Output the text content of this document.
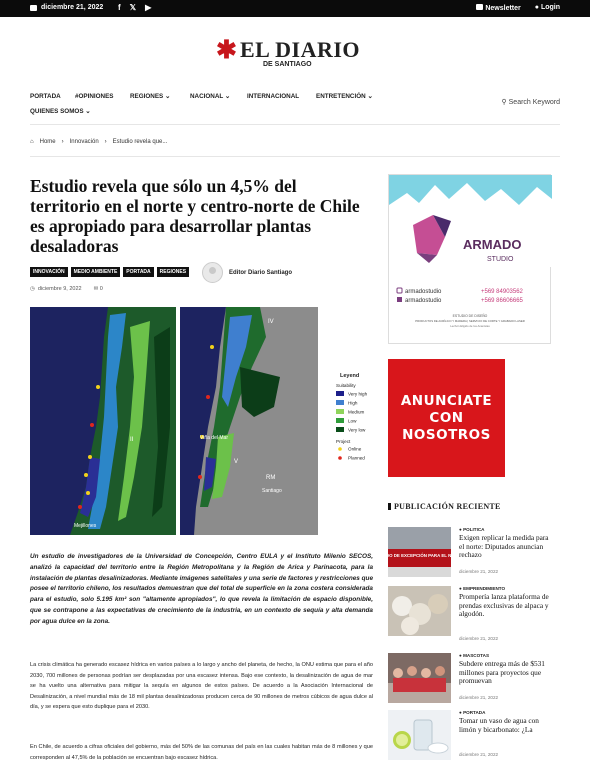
diciembre 21, 2022 f 𝕏 ▶	Newsletter ● Login
✱ EL DIARIO
DE SANTIAGO
PORTADA #OPINIONES	REGIONES ⌄	NACIONAL ⌄	INTERNACIONAL	ENTRETENCIÓN ⌄
QUIENES SOMOS ⌄
⚲ Search Keyword
⌂ Home › Innovación › Estudio revela que...
Estudio revela que sólo un 4,5% del territorio en el norte y centro-norte de Chile es apropiado para desarrollar plantas desaladoras
INNOVACIÓN	MEDIO AMBIENTE	PORTADA	REGIONES	Editor Diario Santiago
◷ diciembre 9, 2022 ✉ 0
II
Mejillones
IV
V
RM
Santiago
Viña del Mar
Leyend
Suitability
Very high
High
Medium
Low
Very low
Project
Online
Planned

Un estudio de investigadores de la Universidad de Concepción, Centro EULA y el Instituto Milenio SECOS, analizó la capacidad del territorio entre la Región Metropolitana y la Región de Arica y Parinacota, para la instalación de plantas desalinizadoras. Mediante imágenes satelitales y una serie de factores y restricciones que posee el territorio chileno, los resultados demuestran que del total de superficie en la zona costera considerada para el estudio, solo 5.195 km² son "altamente apropiados", lo que revela la limitación de espacio disponible, que se contrapone a las expectativas de crecimiento de la industria, en un contexto de sequía y alta demanda por agua dulce en la zona.

La crisis climática ha generado escasez hídrica en varios países a lo largo y ancho del planeta, de hecho, la ONU estima que para el año 2030, 700 millones de personas podrían ser desplazadas por una escasez intensa. Bajo ese contexto, la desalinización de agua de mar se ha vuelto una alternativa para mitigar la sequía en algunos de estos países. De acuerdo a la Asociación Internacional de Desalinización, a nivel mundial más de 18 mil plantas desalinizadoras producen cerca de 90 millones de metros cúbicos de agua dulce al día, y se espera que esto duplique para el 2030.

En Chile, de acuerdo a cifras oficiales del gobierno, más del 50% de las comunas del país en las cuales habitan más de 8 millones y que corresponden al 47,5% de la población se encuentran bajo escasez hídrica.

ARMADO
STUDIO
armadostudio
armadostudio
+569 84903562
+569 86606665
ESTUDIO DE DISEÑO
PRODUCTOS DE ACRÍLICO Y MADERA | SERVICIO DE CORTE Y GRABADO LASER
Lechón Eligido de los Ananistas
ANUNCIATE
CON
NOSOTROS
PUBLICACIÓN RECIENTE
ESTADO DE EXCEPCIÓN PARA EL NORTE
● POLITICA
Exigen replicar la medida para el norte: Diputados anuncian rechazo
diciembre 21, 2022
● EMPRENDIMIENTO
Prompería lanza plataforma de prendas exclusivas de alpaca y algodón.
diciembre 21, 2022
● MASCOTAS
Subdere entrega más de $531 millones para proyectos que promuevan
diciembre 21, 2022
● PORTADA
Tomar un vaso de agua con limón y bicarbonato: ¿La
diciembre 21, 2022
